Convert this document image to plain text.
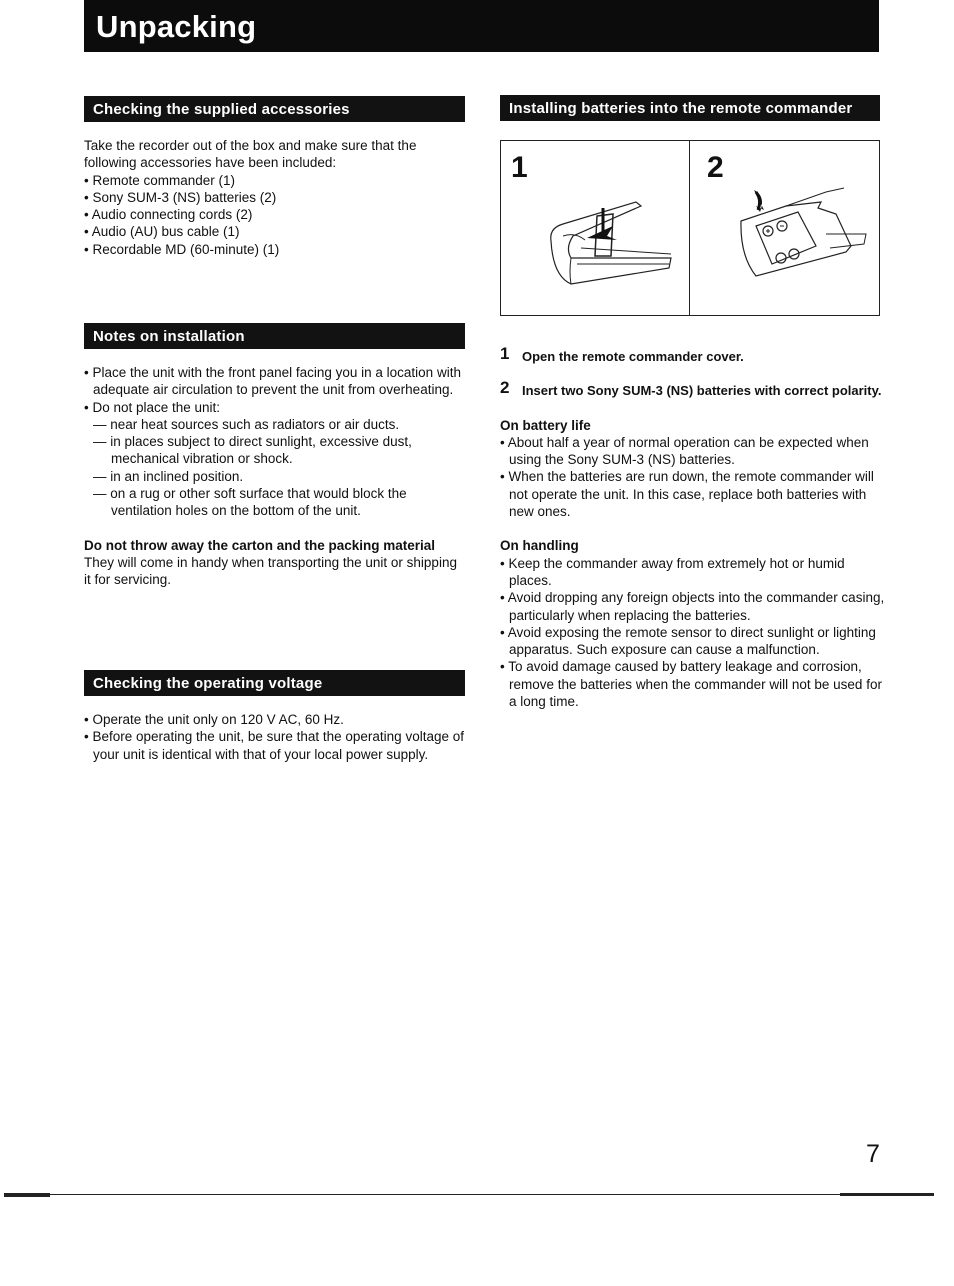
Unpacking
Checking the supplied accessories

Take the recorder out of the box and make sure that the following accessories have been included:

• Remote commander (1)
• Sony SUM-3 (NS) batteries (2)
• Audio connecting cords (2)
• Audio (AU) bus cable (1)
• Recordable MD (60-minute) (1)
Notes on installation

• Place the unit with the front panel facing you in a location with adequate air circulation to prevent the unit from overheating.

• Do not place the unit:

— near heat sources such as radiators or air ducts.

— in places subject to direct sunlight, excessive dust, mechanical vibration or shock.

— in an inclined position.

— on a rug or other soft surface that would block the ventilation holes on the bottom of the unit.

Do not throw away the carton and the packing material

They will come in handy when transporting the unit or shipping it for servicing.

Checking the operating voltage

• Operate the unit only on 120 V AC, 60 Hz.

• Before operating the unit, be sure that the operating voltage of your unit is identical with that of your local power supply.

Installing batteries into the remote commander
1	2
1 Open the remote commander cover.
2 Insert two Sony SUM-3 (NS) batteries with correct polarity.

On battery life

• About half a year of normal operation can be expected when using the Sony SUM-3 (NS) batteries.

• When the batteries are run down, the remote commander will not operate the unit. In this case, replace both batteries with new ones.

On handling

• Keep the commander away from extremely hot or humid places.

• Avoid dropping any foreign objects into the commander casing, particularly when replacing the batteries.

• Avoid exposing the remote sensor to direct sunlight or lighting apparatus. Such exposure can cause a malfunction.

• To avoid damage caused by battery leakage and corrosion, remove the batteries when the commander will not be used for a long time.

7
